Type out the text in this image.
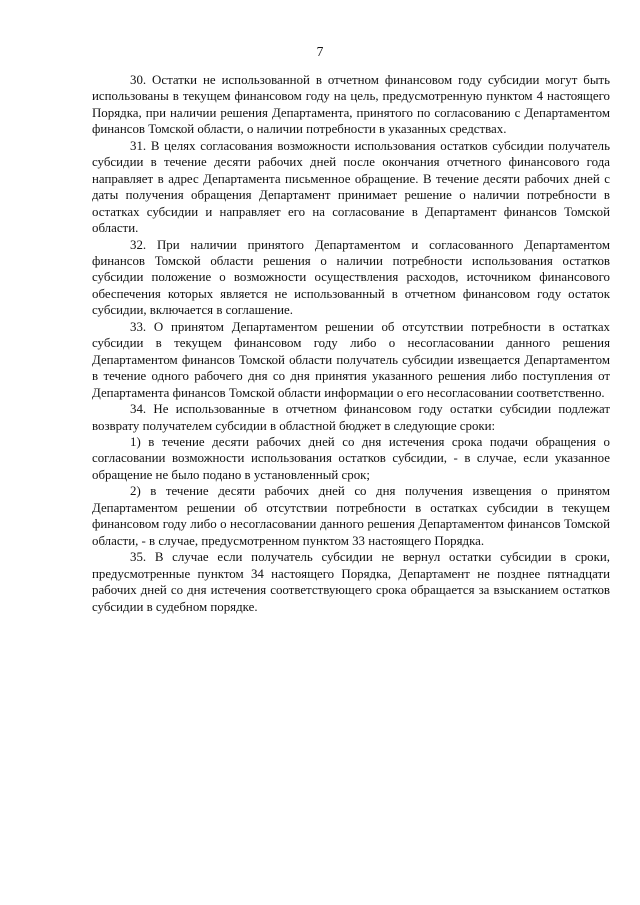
7

30. Остатки не использованной в отчетном финансовом году субсидии могут быть использованы в текущем финансовом году на цель, предусмотренную пунктом 4 настоящего Порядка, при наличии решения Департамента, принятого по согласованию с Департаментом финансов Томской области, о наличии потребности в указанных средствах.

31. В целях согласования возможности использования остатков субсидии получатель субсидии в течение десяти рабочих дней после окончания отчетного финансового года направляет в адрес Департамента письменное обращение. В течение десяти рабочих дней с даты получения обращения Департамент принимает решение о наличии потребности в остатках субсидии и направляет его на согласование в Департамент финансов Томской области.

32. При наличии принятого Департаментом и согласованного Департаментом финансов Томской области решения о наличии потребности использования остатков субсидии положение о возможности осуществления расходов, источником финансового обеспечения которых является не использованный в отчетном финансовом году остаток субсидии, включается в соглашение.

33. О принятом Департаментом решении об отсутствии потребности в остатках субсидии в текущем финансовом году либо о несогласовании данного решения Департаментом финансов Томской области получатель субсидии извещается Департаментом в течение одного рабочего дня со дня принятия указанного решения либо поступления от Департамента финансов Томской области информации о его несогласовании соответственно.

34. Не использованные в отчетном финансовом году остатки субсидии подлежат возврату получателем субсидии в областной бюджет в следующие сроки:

1) в течение десяти рабочих дней со дня истечения срока подачи обращения о согласовании возможности использования остатков субсидии, - в случае, если указанное обращение не было подано в установленный срок;

2) в течение десяти рабочих дней со дня получения извещения о принятом Департаментом решении об отсутствии потребности в остатках субсидии в текущем финансовом году либо о несогласовании данного решения Департаментом финансов Томской области, - в случае, предусмотренном пунктом 33 настоящего Порядка.

35. В случае если получатель субсидии не вернул остатки субсидии в сроки, предусмотренные пунктом 34 настоящего Порядка, Департамент не позднее пятнадцати рабочих дней со дня истечения соответствующего срока обращается за взысканием остатков субсидии в судебном порядке.
